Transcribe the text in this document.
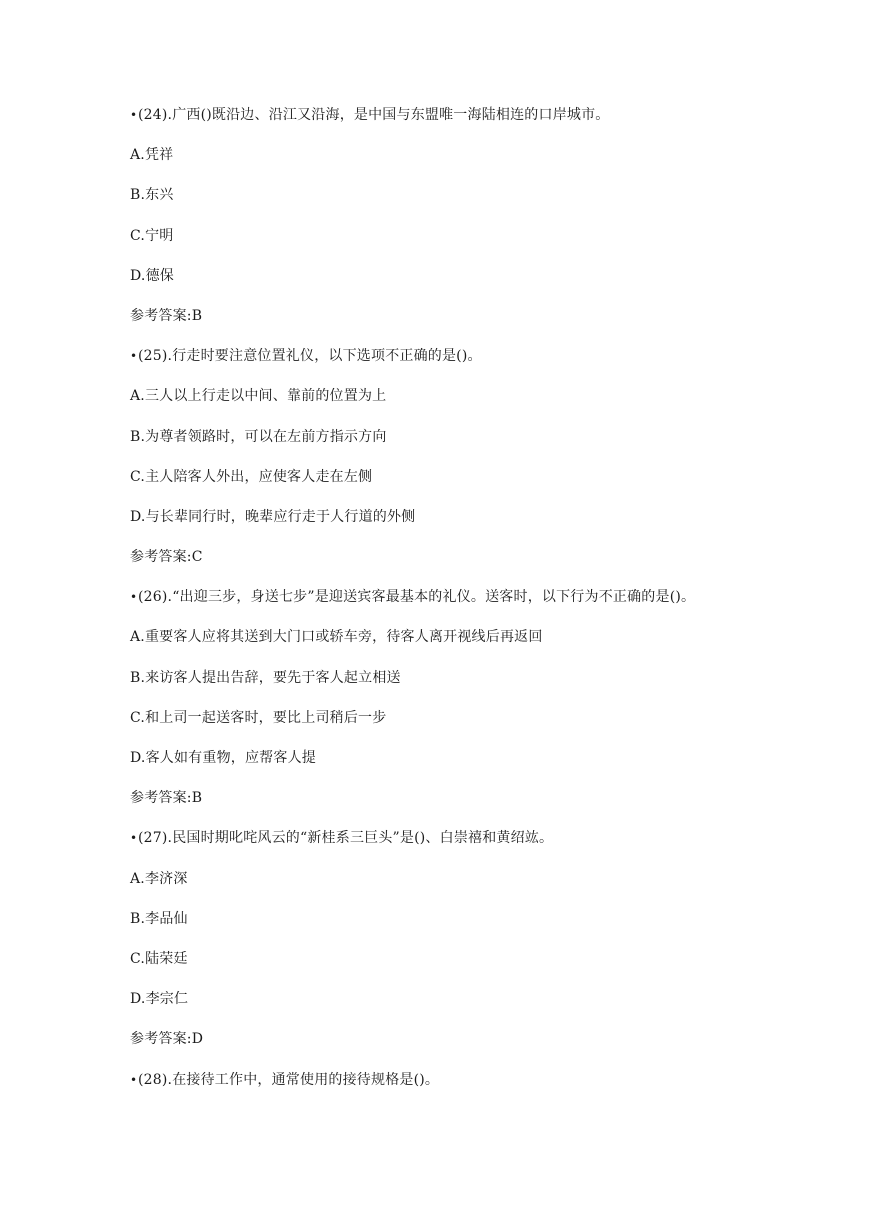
•(24).广西()既沿边、沿江又沿海，是中国与东盟唯一海陆相连的口岸城市。
A.凭祥
B.东兴
C.宁明
D.德保
参考答案:B
•(25).行走时要注意位置礼仪，以下选项不正确的是()。
A.三人以上行走以中间、靠前的位置为上
B.为尊者领路时，可以在左前方指示方向
C.主人陪客人外出，应使客人走在左侧
D.与长辈同行时，晚辈应行走于人行道的外侧
参考答案:C
•(26).“出迎三步，身送七步”是迎送宾客最基本的礼仪。送客时，以下行为不正确的是()。
A.重要客人应将其送到大门口或轿车旁，待客人离开视线后再返回
B.来访客人提出告辞，要先于客人起立相送
C.和上司一起送客时，要比上司稍后一步
D.客人如有重物，应帮客人提
参考答案:B
•(27).民国时期叱咤风云的“新桂系三巨头”是()、白崇禧和黄绍竑。
A.李济深
B.李品仙
C.陆荣廷
D.李宗仁
参考答案:D
•(28).在接待工作中，通常使用的接待规格是()。
